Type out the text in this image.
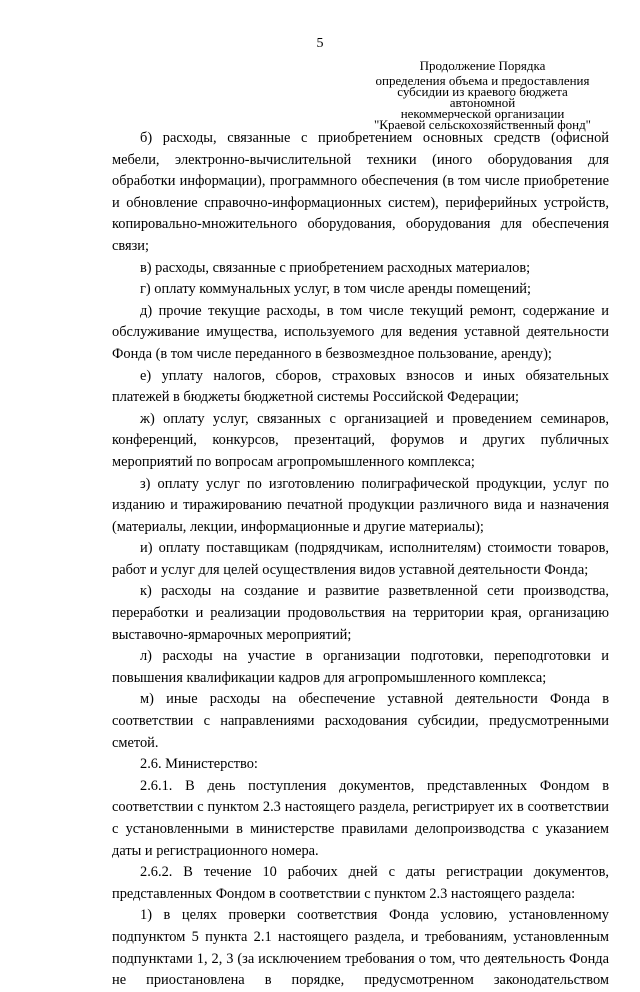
5
Продолжение Порядка
определения объема и предоставления
субсидии из краевого бюджета автономной
некоммерческой организации
"Краевой сельскохозяйственный фонд"

б) расходы, связанные с приобретением основных средств (офисной мебели, электронно-вычислительной техники (иного оборудования для обработки информации), программного обеспечения (в том числе приобретение и обновление справочно-информационных систем), периферийных устройств, копировально-множительного оборудования, оборудования для обеспечения связи;

в) расходы, связанные с приобретением расходных материалов;

г) оплату коммунальных услуг, в том числе аренды помещений;

д) прочие текущие расходы, в том числе текущий ремонт, содержание и обслуживание имущества, используемого для ведения уставной деятельности Фонда (в том числе переданного в безвозмездное пользование, аренду);

е) уплату налогов, сборов, страховых взносов и иных обязательных платежей в бюджеты бюджетной системы Российской Федерации;

ж) оплату услуг, связанных с организацией и проведением семинаров, конференций, конкурсов, презентаций, форумов и других публичных мероприятий по вопросам агропромышленного комплекса;

з) оплату услуг по изготовлению полиграфической продукции, услуг по изданию и тиражированию печатной продукции различного вида и назначения (материалы, лекции, информационные и другие материалы);

и) оплату поставщикам (подрядчикам, исполнителям) стоимости товаров, работ и услуг для целей осуществления видов уставной деятельности Фонда;

к) расходы на создание и развитие разветвленной сети производства, переработки и реализации продовольствия на территории края, организацию выставочно-ярмарочных мероприятий;

л) расходы на участие в организации подготовки, переподготовки и повышения квалификации кадров для агропромышленного комплекса;

м) иные расходы на обеспечение уставной деятельности Фонда в соответствии с направлениями расходования субсидии, предусмотренными сметой.

2.6. Министерство:

2.6.1. В день поступления документов, представленных Фондом в соответствии с пунктом 2.3 настоящего раздела, регистрирует их в соответствии с установленными в министерстве правилами делопроизводства с указанием даты и регистрационного номера.

2.6.2. В течение 10 рабочих дней с даты регистрации документов, представленных Фондом в соответствии с пунктом 2.3 настоящего раздела:

1) в целях проверки соответствия Фонда условию, установленному подпунктом 5 пункта 2.1 настоящего раздела, и требованиям, установленным подпунктами 1, 2, 3 (за исключением требования о том, что деятельность Фонда не приостановлена в порядке, предусмотренном законодательством
